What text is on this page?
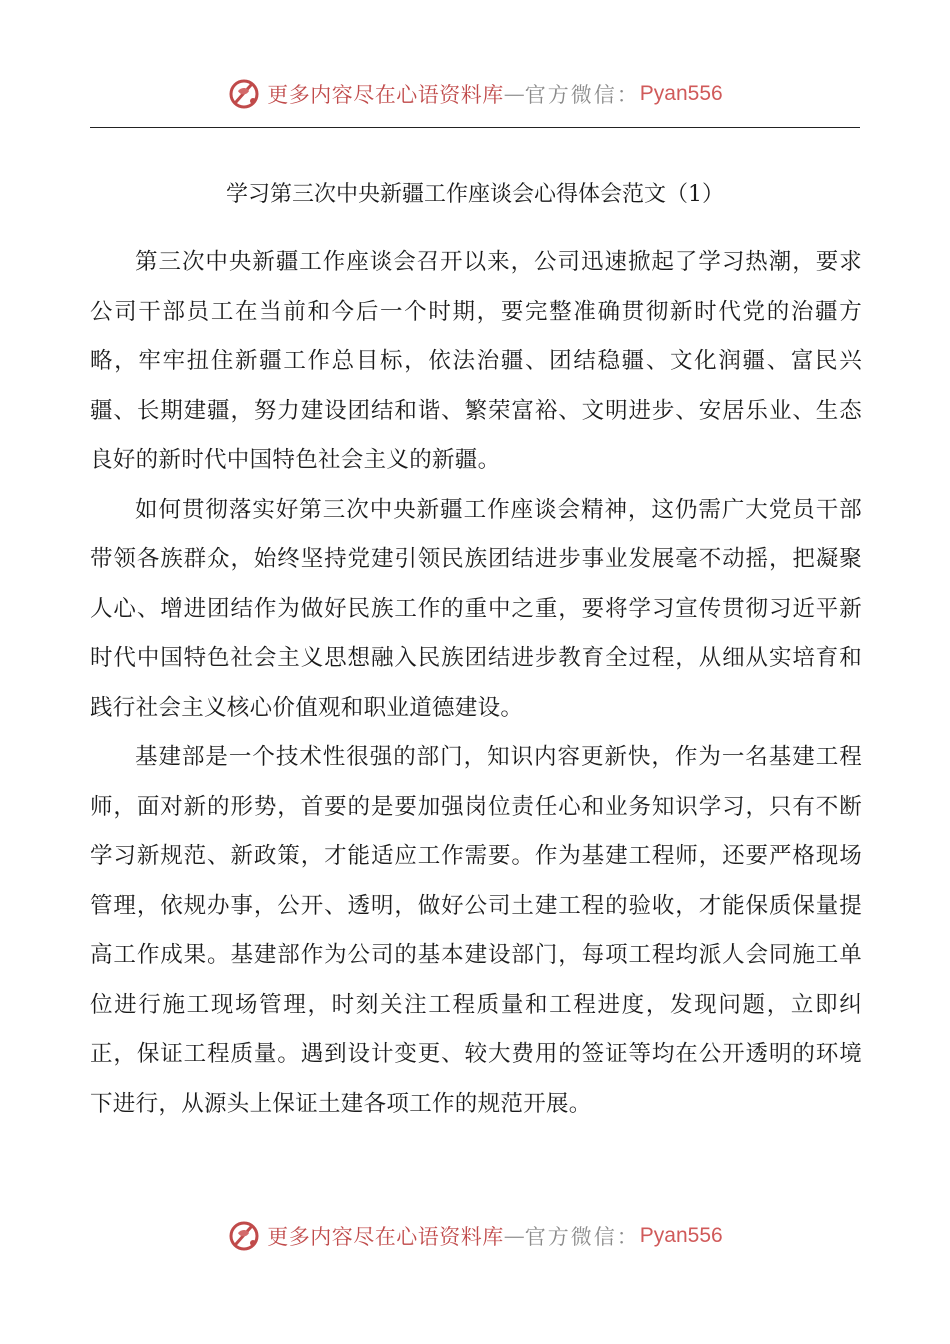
更多内容尽在心语资料库 — 官方微信： Pyan556
学习第三次中央新疆工作座谈会心得体会范文（1）

第三次中央新疆工作座谈会召开以来，公司迅速掀起了学习热潮，要求公司干部员工在当前和今后一个时期，要完整准确贯彻新时代党的治疆方略，牢牢扭住新疆工作总目标，依法治疆、团结稳疆、文化润疆、富民兴疆、长期建疆，努力建设团结和谐、繁荣富裕、文明进步、安居乐业、生态良好的新时代中国特色社会主义的新疆。

如何贯彻落实好第三次中央新疆工作座谈会精神，这仍需广大党员干部带领各族群众，始终坚持党建引领民族团结进步事业发展毫不动摇，把凝聚人心、增进团结作为做好民族工作的重中之重，要将学习宣传贯彻习近平新时代中国特色社会主义思想融入民族团结进步教育全过程，从细从实培育和践行社会主义核心价值观和职业道德建设。

基建部是一个技术性很强的部门，知识内容更新快，作为一名基建工程师，面对新的形势，首要的是要加强岗位责任心和业务知识学习，只有不断学习新规范、新政策，才能适应工作需要。作为基建工程师，还要严格现场管理，依规办事，公开、透明，做好公司土建工程的验收，才能保质保量提高工作成果。基建部作为公司的基本建设部门，每项工程均派人会同施工单位进行施工现场管理，时刻关注工程质量和工程进度，发现问题，立即纠正，保证工程质量。遇到设计变更、较大费用的签证等均在公开透明的环境下进行，从源头上保证土建各项工作的规范开展。

更多内容尽在心语资料库 — 官方微信： Pyan556
